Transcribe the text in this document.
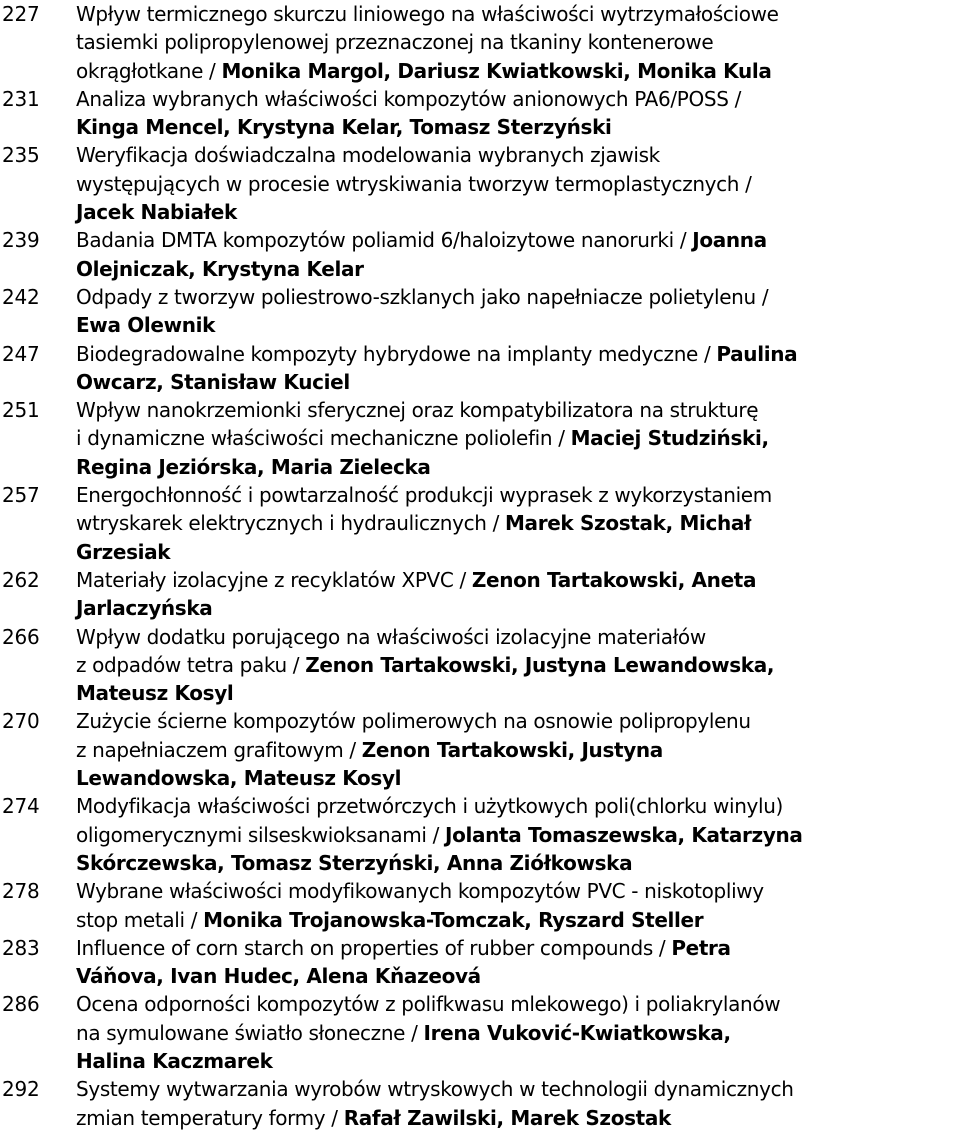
227	Wpływ termicznego skurczu liniowego na właściwości wytrzymałościowe
tasiemki polipropylenowej przeznaczonej na tkaniny kontenerowe
okrągłotkane / Monika Margol, Dariusz Kwiatkowski, Monika Kula
231	Analiza wybranych właściwości kompozytów anionowych PA6/POSS /
Kinga Mencel, Krystyna Kelar, Tomasz Sterzyński
235	Weryfikacja doświadczalna modelowania wybranych zjawisk
występujących w procesie wtryskiwania tworzyw termoplastycznych /
Jacek Nabiałek
239	Badania DMTA kompozytów poliamid 6/haloizytowe nanorurki / Joanna
Olejniczak, Krystyna Kelar
242	Odpady z tworzyw poliestrowo-szklanych jako napełniacze polietylenu /
Ewa Olewnik
247	Biodegradowalne kompozyty hybrydowe na implanty medyczne / Paulina
Owcarz, Stanisław Kuciel
251	Wpływ nanokrzemionki sferycznej oraz kompatybilizatora na strukturę
i dynamiczne właściwości mechaniczne poliolefin / Maciej Studziński,
Regina Jeziórska, Maria Zielecka
257	Energochłonność i powtarzalność produkcji wyprasek z wykorzystaniem
wtryskarek elektrycznych i hydraulicznych / Marek Szostak, Michał
Grzesiak
262	Materiały izolacyjne z recyklatów XPVC / Zenon Tartakowski, Aneta
Jarlaczyńska
266	Wpływ dodatku porującego na właściwości izolacyjne materiałów
z odpadów tetra paku / Zenon Tartakowski, Justyna Lewandowska,
Mateusz Kosyl
270	Zużycie ścierne kompozytów polimerowych na osnowie polipropylenu
z napełniaczem grafitowym / Zenon Tartakowski, Justyna
Lewandowska, Mateusz Kosyl
274	Modyfikacja właściwości przetwórczych i użytkowych poli(chlorku winylu)
oligomerycznymi silseskwioksanami / Jolanta Tomaszewska, Katarzyna
Skórczewska, Tomasz Sterzyński, Anna Ziółkowska
278	Wybrane właściwości modyfikowanych kompozytów PVC - niskotopliwy
stop metali / Monika Trojanowska-Tomczak, Ryszard Steller
283	Influence of corn starch on properties of rubber compounds / Petra
Váňova, Ivan Hudec, Alena Kňazeová
286	Ocena odporności kompozytów z polifkwasu mlekowego) i poliakrylanów
na symulowane światło słoneczne / Irena Vuković-Kwiatkowska,
Halina Kaczmarek
292	Systemy wytwarzania wyrobów wtryskowych w technologii dynamicznych
zmian temperatury formy / Rafał Zawilski, Marek Szostak
